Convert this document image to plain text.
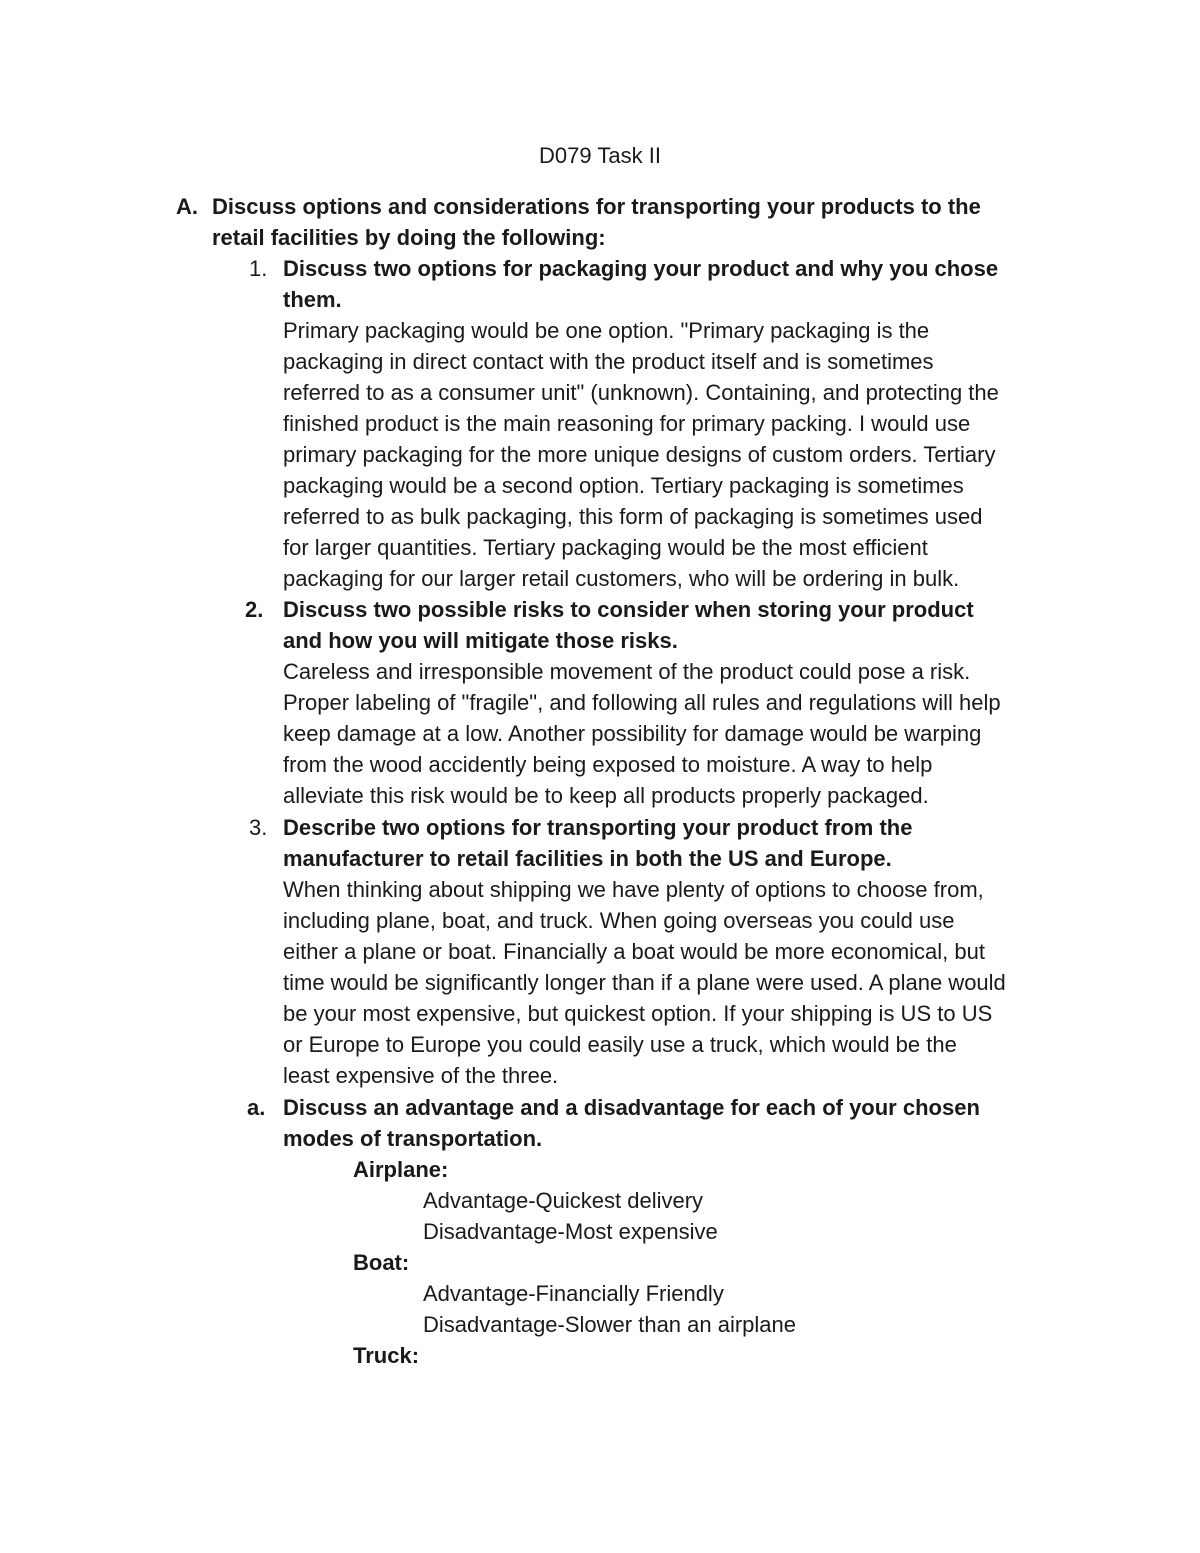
D079 Task II
A. Discuss options and considerations for transporting your products to the
retail facilities by doing the following:
1. Discuss two options for packaging your product and why you chose
them.
Primary packaging would be one option. "Primary packaging is the
packaging in direct contact with the product itself and is sometimes
referred to as a consumer unit" (unknown). Containing, and protecting the
finished product is the main reasoning for primary packing. I would use
primary packaging for the more unique designs of custom orders. Tertiary
packaging would be a second option. Tertiary packaging is sometimes
referred to as bulk packaging, this form of packaging is sometimes used
for larger quantities. Tertiary packaging would be the most efficient
packaging for our larger retail customers, who will be ordering in bulk.
2. Discuss two possible risks to consider when storing your product
and how you will mitigate those risks.
Careless and irresponsible movement of the product could pose a risk.
Proper labeling of "fragile", and following all rules and regulations will help
keep damage at a low. Another possibility for damage would be warping
from the wood accidently being exposed to moisture. A way to help
alleviate this risk would be to keep all products properly packaged.
3. Describe two options for transporting your product from the
manufacturer to retail facilities in both the US and Europe.
When thinking about shipping we have plenty of options to choose from,
including plane, boat, and truck. When going overseas you could use
either a plane or boat. Financially a boat would be more economical, but
time would be significantly longer than if a plane were used. A plane would
be your most expensive, but quickest option. If your shipping is US to US
or Europe to Europe you could easily use a truck, which would be the
least expensive of the three.
a. Discuss an advantage and a disadvantage for each of your chosen
modes of transportation.
Airplane:
Advantage-Quickest delivery
Disadvantage-Most expensive
Boat:
Advantage-Financially Friendly
Disadvantage-Slower than an airplane
Truck:
